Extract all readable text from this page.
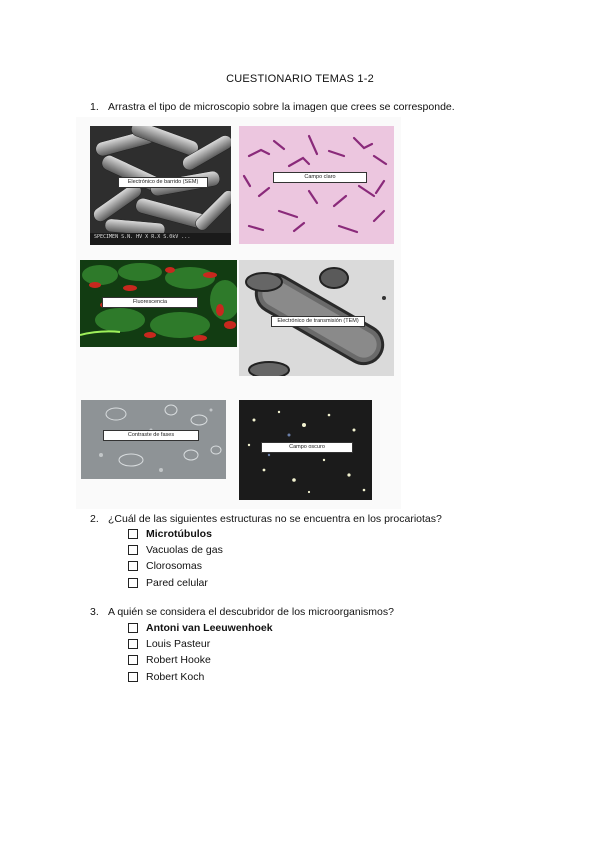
CUESTIONARIO TEMAS 1-2
1. Arrastra el tipo de microscopio sobre la imagen que crees se corresponde.
SPECIMEN S.N. HV X R.X S.0kV ...
Electrónico de barrido (SEM)
Campo claro
Fluorescencia
Electrónico de transmisión (TEM)
Contraste de fases
Campo oscuro
2. ¿Cuál de las siguientes estructuras no se encuentra en los procariotas?
Microtúbulos
Vacuolas de gas
Clorosomas
Pared celular
3. A quién se considera el descubridor de los microorganismos?
Antoni van Leeuwenhoek
Louis Pasteur
Robert Hooke
Robert Koch
